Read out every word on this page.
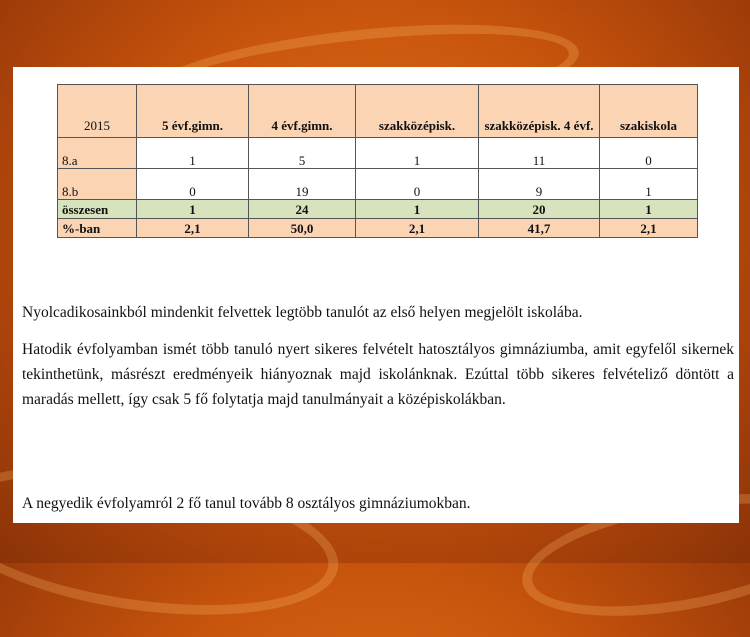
2015	5 évf.gimn.	4 évf.gimn.	szakközépisk.	szakközépisk. 4 évf.	szakiskola
8.a	1	5	1	11	0
8.b	0	19	0	9	1
összesen	1	24	1	20	1
%-ban	2,1	50,0	2,1	41,7	2,1

Nyolcadikosainkból mindenkit felvettek legtöbb tanulót az első helyen megjelölt iskolába.

Hatodik évfolyamban ismét több tanuló nyert sikeres felvételt hatosztályos gimnáziumba, amit egyfelől sikernek tekinthetünk, másrészt eredményeik hiányoznak majd iskolánknak. Ezúttal több sikeres felvételiző döntött a maradás mellett, így csak 5 fő folytatja majd tanulmányait a középiskolákban.

A negyedik évfolyamról 2 fő tanul tovább 8 osztályos gimnáziumokban.
